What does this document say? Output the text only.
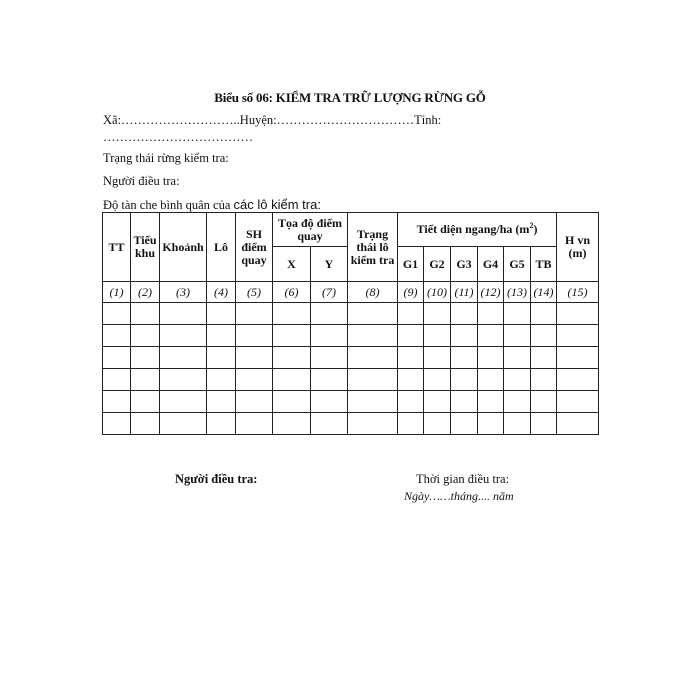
Biểu số 06: KIỂM TRA TRỮ LƯỢNG RỪNG GỖ
Xã:………………………..Huyện:……………………………Tỉnh:
………………………………
Trạng thái rừng kiểm tra:
Người điều tra:
Độ tàn che bình quân của các lô kiểm tra:
TT	Tiểu khu	Khoảnh	Lô	SH điểm quay	Tọa độ điểm quay		Trạng thái lô kiểm tra	Tiết diện ngang/ha $(m^2)$						H vn (m)
					X	Y		G1	G2	G3	G4	G5	TB	
(1)	(2)	(3)	(4)	(5)	(6)	(7)	(8)	(9)	(10)	(11)	(12)	(13)	(14)	(15)

Người điều tra:	Thời gian điều tra:
Ngày……tháng.... năm
